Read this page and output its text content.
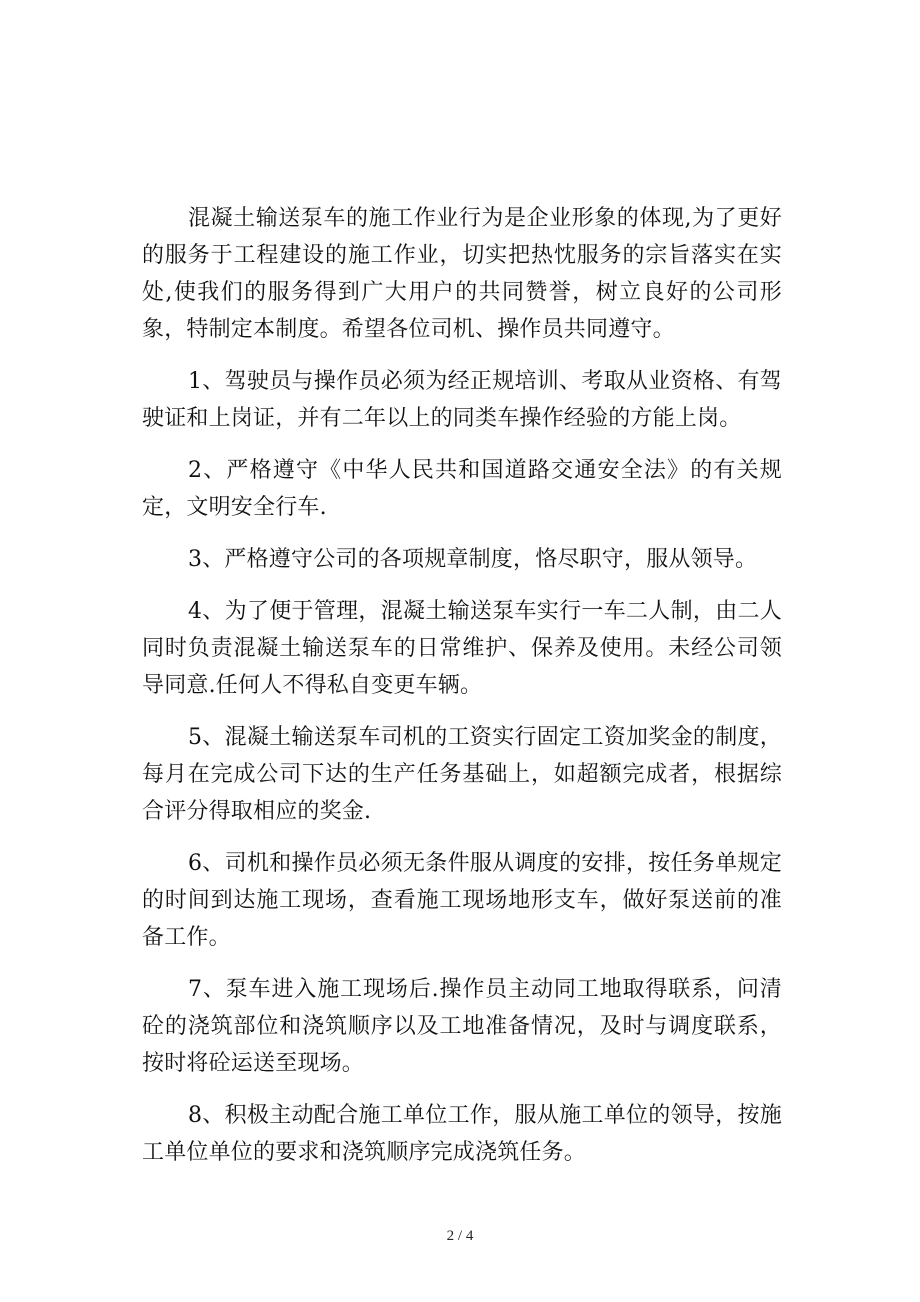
混凝土输送泵车的施工作业行为是企业形象的体现,为了更好的服务于工程建设的施工作业，切实把热忱服务的宗旨落实在实处,使我们的服务得到广大用户的共同赞誉，树立良好的公司形象，特制定本制度。希望各位司机、操作员共同遵守。

1、驾驶员与操作员必须为经正规培训、考取从业资格、有驾驶证和上岗证，并有二年以上的同类车操作经验的方能上岗。

2、严格遵守《中华人民共和国道路交通安全法》的有关规定，文明安全行车.

3、严格遵守公司的各项规章制度，恪尽职守，服从领导。

4、为了便于管理，混凝土输送泵车实行一车二人制，由二人同时负责混凝土输送泵车的日常维护、保养及使用。未经公司领导同意.任何人不得私自变更车辆。

5、混凝土输送泵车司机的工资实行固定工资加奖金的制度，每月在完成公司下达的生产任务基础上，如超额完成者，根据综合评分得取相应的奖金.

6、司机和操作员必须无条件服从调度的安排，按任务单规定的时间到达施工现场，查看施工现场地形支车，做好泵送前的准备工作。

7、泵车进入施工现场后.操作员主动同工地取得联系，问清砼的浇筑部位和浇筑顺序以及工地准备情况，及时与调度联系，按时将砼运送至现场。

8、积极主动配合施工单位工作，服从施工单位的领导，按施工单位单位的要求和浇筑顺序完成浇筑任务。

2 / 4
